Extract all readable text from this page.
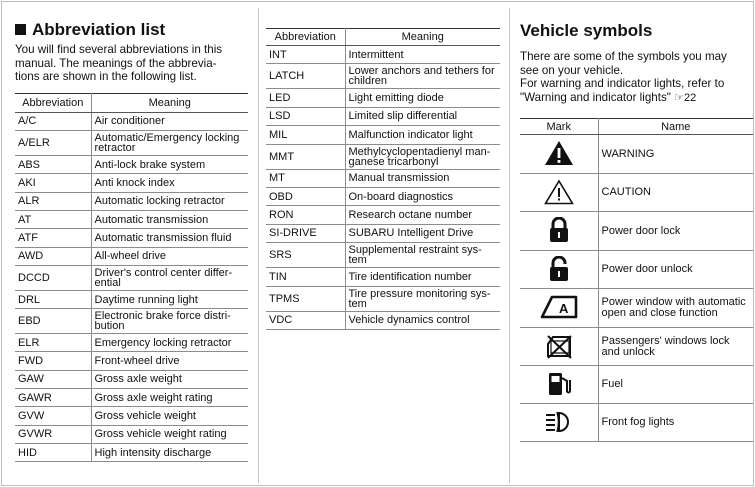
Abbreviation list
You will find several abbreviations in this
manual. The meanings of the abbrevia-
tions are shown in the following list.
Abbreviation	Meaning
A/C	Air conditioner

A/ELR	Automatic/Emergency locking
retractor

ABS	Anti-lock brake system

AKI	Anti knock index

ALR	Automatic locking retractor

AT	Automatic transmission

ATF	Automatic transmission fluid

AWD	All-wheel drive

DCCD	Driver's control center differ-
ential

DRL	Daytime running light

EBD	Electronic brake force distri-
bution

ELR	Emergency locking retractor

FWD	Front-wheel drive

GAW	Gross axle weight

GAWR	Gross axle weight rating

GVW	Gross vehicle weight

GVWR	Gross vehicle weight rating

HID	High intensity discharge
Abbreviation	Meaning
INT	Intermittent

LATCH	Lower anchors and tethers for
children

LED	Light emitting diode

LSD	Limited slip differential

MIL	Malfunction indicator light

MMT	Methylcyclopentadienyl man-
ganese tricarbonyl

MT	Manual transmission

OBD	On-board diagnostics

RON	Research octane number

SI-DRIVE	SUBARU Intelligent Drive

SRS	Supplemental restraint sys-
tem

TIN	Tire identification number

TPMS	Tire pressure monitoring sys-
tem

VDC	Vehicle dynamics control
Vehicle symbols
There are some of the symbols you may
see on your vehicle.
For warning and indicator lights, refer to
"Warning and indicator lights" ☞22
Mark	Name

WARNING

CAUTION

Power door lock

Power door unlock

A	Power window with automatic
open and close function

Passengers' windows lock
and unlock

Fuel

Front fog lights
